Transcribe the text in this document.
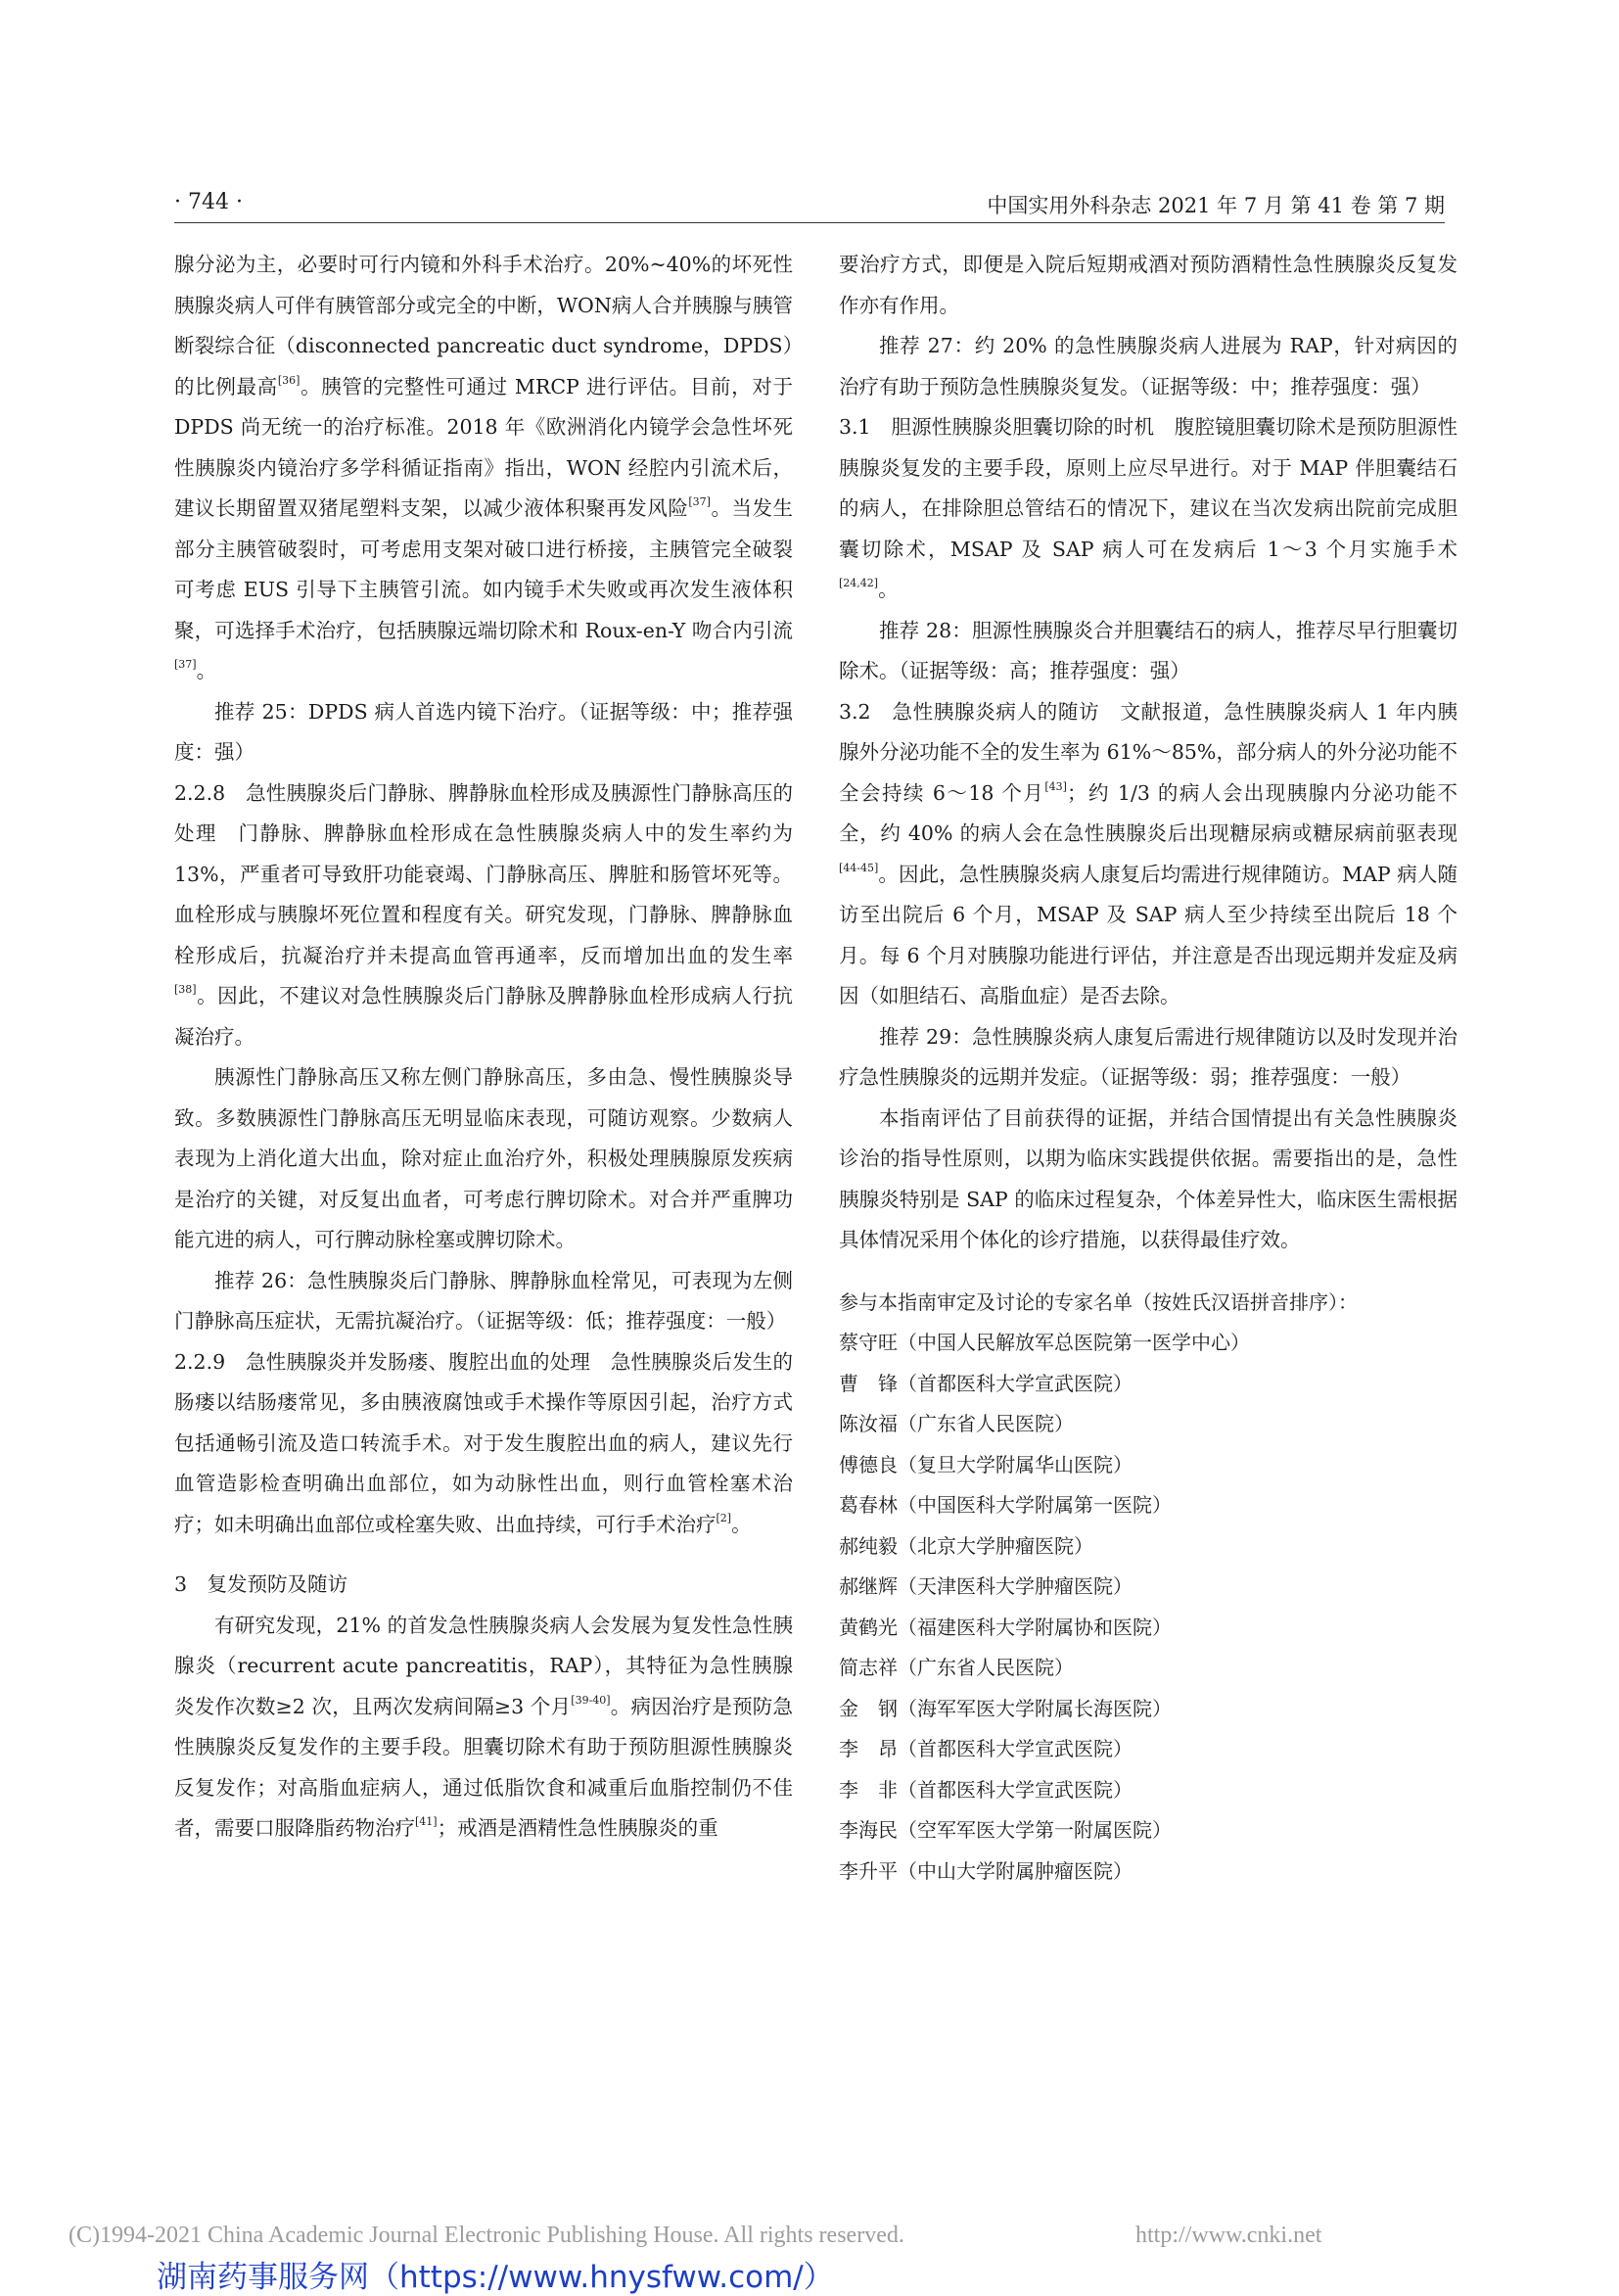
· 744 ·	中国实用外科杂志 2021 年 7 月 第 41 卷 第 7 期

腺分泌为主，必要时可行内镜和外科手术治疗。20%~40%的坏死性胰腺炎病人可伴有胰管部分或完全的中断，WON病人合并胰腺与胰管断裂综合征（disconnected pancreatic duct syndrome，DPDS）的比例最高[36]。胰管的完整性可通过 MRCP 进行评估。目前，对于 DPDS 尚无统一的治疗标准。2018 年《欧洲消化内镜学会急性坏死性胰腺炎内镜治疗多学科循证指南》指出，WON 经腔内引流术后，建议长期留置双猪尾塑料支架，以减少液体积聚再发风险[37]。当发生部分主胰管破裂时，可考虑用支架对破口进行桥接，主胰管完全破裂可考虑 EUS 引导下主胰管引流。如内镜手术失败或再次发生液体积聚，可选择手术治疗，包括胰腺远端切除术和 Roux-en-Y 吻合内引流[37]。

推荐 25：DPDS 病人首选内镜下治疗。（证据等级：中；推荐强度：强）

2.2.8　急性胰腺炎后门静脉、脾静脉血栓形成及胰源性门静脉高压的处理　门静脉、脾静脉血栓形成在急性胰腺炎病人中的发生率约为 13%，严重者可导致肝功能衰竭、门静脉高压、脾脏和肠管坏死等。血栓形成与胰腺坏死位置和程度有关。研究发现，门静脉、脾静脉血栓形成后，抗凝治疗并未提高血管再通率，反而增加出血的发生率[38]。因此，不建议对急性胰腺炎后门静脉及脾静脉血栓形成病人行抗凝治疗。

胰源性门静脉高压又称左侧门静脉高压，多由急、慢性胰腺炎导致。多数胰源性门静脉高压无明显临床表现，可随访观察。少数病人表现为上消化道大出血，除对症止血治疗外，积极处理胰腺原发疾病是治疗的关键，对反复出血者，可考虑行脾切除术。对合并严重脾功能亢进的病人，可行脾动脉栓塞或脾切除术。

推荐 26：急性胰腺炎后门静脉、脾静脉血栓常见，可表现为左侧门静脉高压症状，无需抗凝治疗。（证据等级：低；推荐强度：一般）

2.2.9　急性胰腺炎并发肠瘘、腹腔出血的处理　急性胰腺炎后发生的肠瘘以结肠瘘常见，多由胰液腐蚀或手术操作等原因引起，治疗方式包括通畅引流及造口转流手术。对于发生腹腔出血的病人，建议先行血管造影检查明确出血部位，如为动脉性出血，则行血管栓塞术治疗；如未明确出血部位或栓塞失败、出血持续，可行手术治疗[2]。

3　复发预防及随访

有研究发现，21% 的首发急性胰腺炎病人会发展为复发性急性胰腺炎（recurrent acute pancreatitis，RAP），其特征为急性胰腺炎发作次数≥2 次，且两次发病间隔≥3 个月[39-40]。病因治疗是预防急性胰腺炎反复发作的主要手段。胆囊切除术有助于预防胆源性胰腺炎反复发作；对高脂血症病人，通过低脂饮食和减重后血脂控制仍不佳者，需要口服降脂药物治疗[41]；戒酒是酒精性急性胰腺炎的重

要治疗方式，即便是入院后短期戒酒对预防酒精性急性胰腺炎反复发作亦有作用。

推荐 27：约 20% 的急性胰腺炎病人进展为 RAP，针对病因的治疗有助于预防急性胰腺炎复发。（证据等级：中；推荐强度：强）

3.1　胆源性胰腺炎胆囊切除的时机　腹腔镜胆囊切除术是预防胆源性胰腺炎复发的主要手段，原则上应尽早进行。对于 MAP 伴胆囊结石的病人，在排除胆总管结石的情况下，建议在当次发病出院前完成胆囊切除术，MSAP 及 SAP 病人可在发病后 1～3 个月实施手术[24,42]。

推荐 28：胆源性胰腺炎合并胆囊结石的病人，推荐尽早行胆囊切除术。（证据等级：高；推荐强度：强）

3.2　急性胰腺炎病人的随访　文献报道，急性胰腺炎病人 1 年内胰腺外分泌功能不全的发生率为 61%～85%，部分病人的外分泌功能不全会持续 6～18 个月[43]；约 1/3 的病人会出现胰腺内分泌功能不全，约 40% 的病人会在急性胰腺炎后出现糖尿病或糖尿病前驱表现[44-45]。因此，急性胰腺炎病人康复后均需进行规律随访。MAP 病人随访至出院后 6 个月，MSAP 及 SAP 病人至少持续至出院后 18 个月。每 6 个月对胰腺功能进行评估，并注意是否出现远期并发症及病因（如胆结石、高脂血症）是否去除。

推荐 29：急性胰腺炎病人康复后需进行规律随访以及时发现并治疗急性胰腺炎的远期并发症。（证据等级：弱；推荐强度：一般）

本指南评估了目前获得的证据，并结合国情提出有关急性胰腺炎诊治的指导性原则，以期为临床实践提供依据。需要指出的是，急性胰腺炎特别是 SAP 的临床过程复杂，个体差异性大，临床医生需根据具体情况采用个体化的诊疗措施，以获得最佳疗效。

参与本指南审定及讨论的专家名单（按姓氏汉语拼音排序）：

蔡守旺（中国人民解放军总医院第一医学中心）
曹　锋（首都医科大学宣武医院）
陈汝福（广东省人民医院）
傅德良（复旦大学附属华山医院）
葛春林（中国医科大学附属第一医院）
郝纯毅（北京大学肿瘤医院）
郝继辉（天津医科大学肿瘤医院）
黄鹤光（福建医科大学附属协和医院）
简志祥（广东省人民医院）
金　钢（海军军医大学附属长海医院）
李　昂（首都医科大学宣武医院）
李　非（首都医科大学宣武医院）
李海民（空军军医大学第一附属医院）
李升平（中山大学附属肿瘤医院）
(C)1994-2021 China Academic Journal Electronic Publishing House. All rights reserved.	http://www.cnki.net
湖南药事服务网（https://www.hnysfww.com/）
